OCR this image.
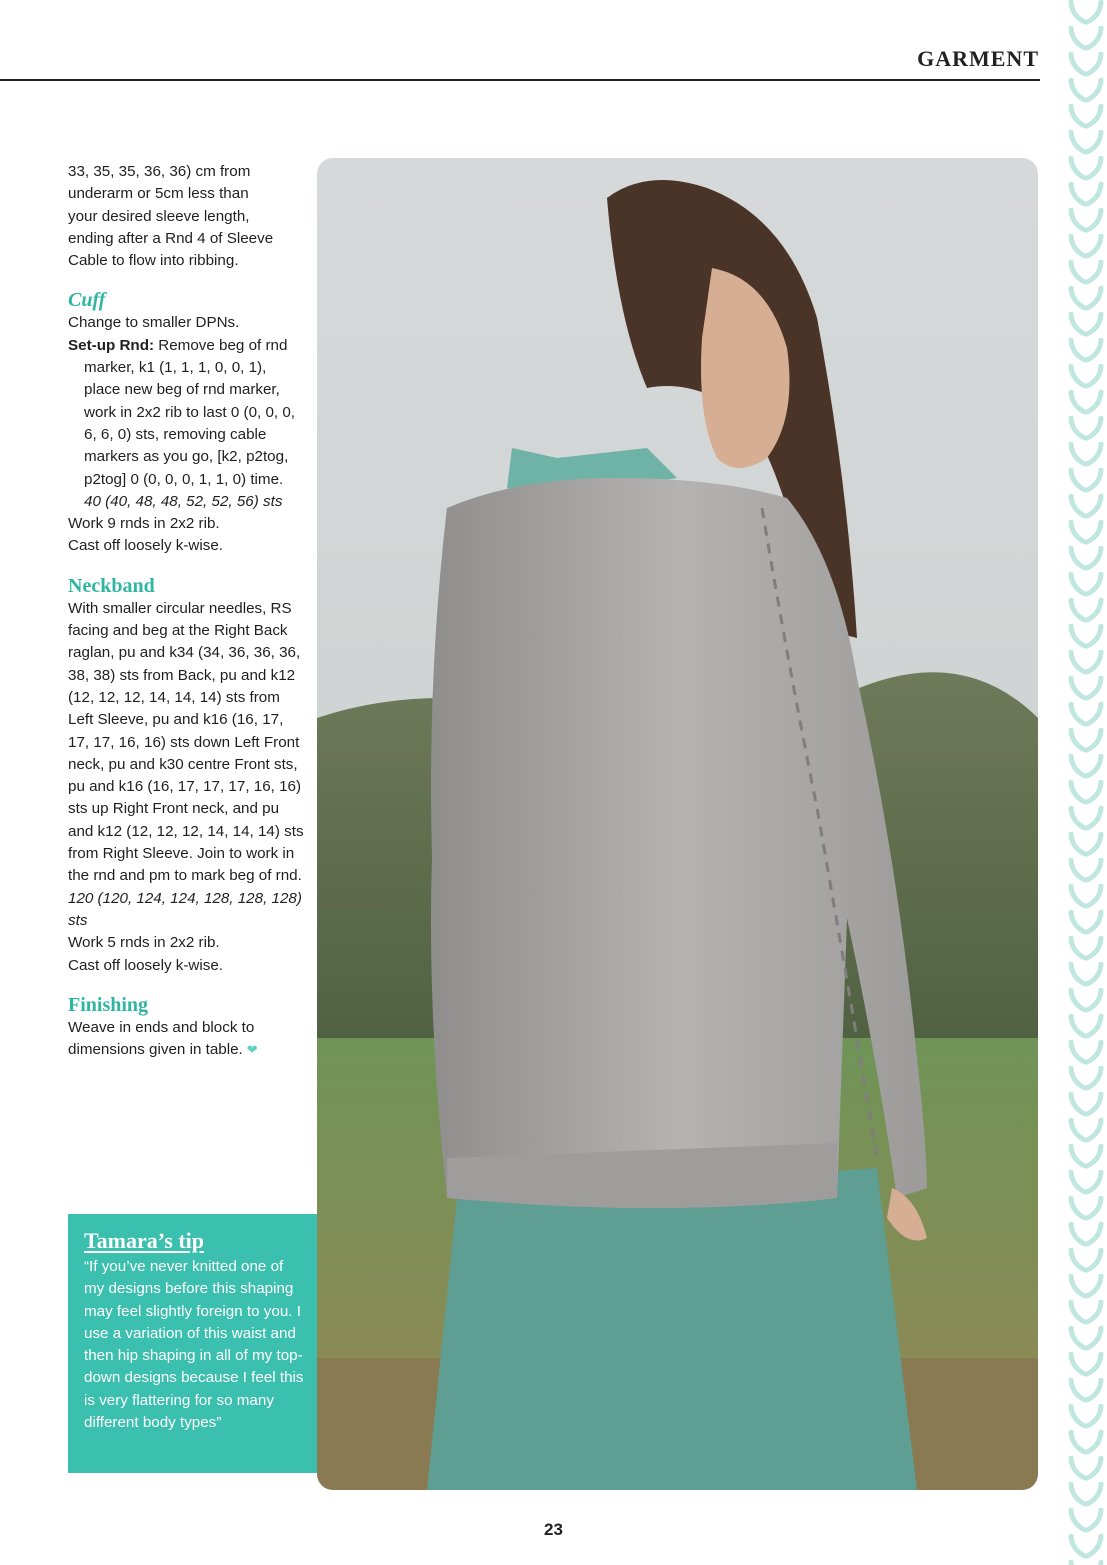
GARMENT

33, 35, 35, 36, 36) cm from

underarm or 5cm less than

your desired sleeve length,

ending after a Rnd 4 of Sleeve

Cable to flow into ribbing.

Cuff

Change to smaller DPNs.

Set-up Rnd: Remove beg of rnd marker, k1 (1, 1, 1, 0, 0, 1), place new beg of rnd marker, work in 2x2 rib to last 0 (0, 0, 0, 6, 6, 0) sts, removing cable markers as you go, [k2, p2tog, p2tog] 0 (0, 0, 0, 1, 1, 0) time. 40 (40, 48, 48, 52, 52, 56) sts

Work 9 rnds in 2x2 rib.

Cast off loosely k-wise.

Neckband

With smaller circular needles, RS facing and beg at the Right Back raglan, pu and k34 (34, 36, 36, 36, 38, 38) sts from Back, pu and k12 (12, 12, 12, 14, 14, 14) sts from Left Sleeve, pu and k16 (16, 17, 17, 17, 16, 16) sts down Left Front neck, pu and k30 centre Front sts, pu and k16 (16, 17, 17, 17, 16, 16) sts up Right Front neck, and pu and k12 (12, 12, 12, 14, 14, 14) sts from Right Sleeve. Join to work in the rnd and pm to mark beg of rnd. 120 (120, 124, 124, 128, 128, 128) sts

Work 5 rnds in 2x2 rib.

Cast off loosely k-wise.

Finishing

Weave in ends and block to dimensions given in table. ❤

Tamara’s tip

“If you’ve never knitted one of my designs before this shaping may feel slightly foreign to you. I use a variation of this waist and then hip shaping in all of my top-down designs because I feel this is very flattering for so many different body types”

23
